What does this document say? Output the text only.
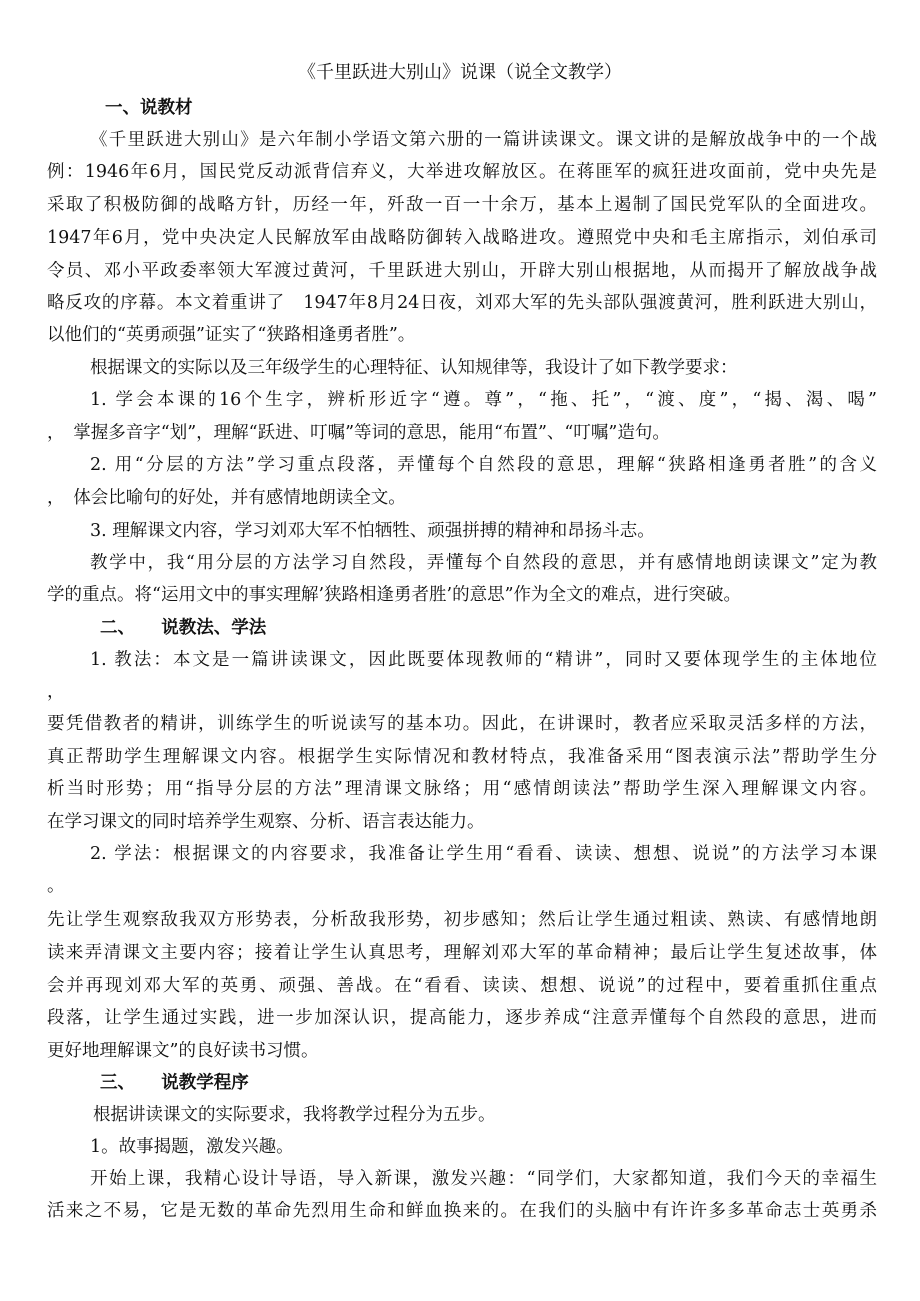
《千里跃进大别山》说课（说全文教学）
一、说教材
《千里跃进大别山》是六年制小学语文第六册的一篇讲读课文。课文讲的是解放战争中的一个战
例：1946年6月，国民党反动派背信弃义，大举进攻解放区。在蒋匪军的疯狂进攻面前，党中央先是
采取了积极防御的战略方针，历经一年，歼敌一百一十余万，基本上遏制了国民党军队的全面进攻。
1947年6月，党中央决定人民解放军由战略防御转入战略进攻。遵照党中央和毛主席指示，刘伯承司
令员、邓小平政委率领大军渡过黄河，千里跃进大别山，开辟大别山根据地，从而揭开了解放战争战
略反攻的序幕。本文着重讲了　1947年8月24日夜，刘邓大军的先头部队强渡黄河，胜利跃进大别山，
以他们的“英勇顽强”证实了“狭路相逢勇者胜”。
根据课文的实际以及三年级学生的心理特征、认知规律等，我设计了如下教学要求：
1. 学会本课的16个生字，辨析形近字“遵。尊”，“拖、托”，“渡、度”，“揭、渴、喝”
，　掌握多音字“划”，理解“跃进、叮嘱”等词的意思，能用“布置”、“叮嘱”造句。
2. 用“分层的方法”学习重点段落，弄懂每个自然段的意思，理解“狭路相逢勇者胜”的含义
，　体会比喻句的好处，并有感情地朗读全文。
3. 理解课文内容，学习刘邓大军不怕牺牲、顽强拼搏的精神和昂扬斗志。
教学中，我“用分层的方法学习自然段，弄懂每个自然段的意思，并有感情地朗读课文”定为教
学的重点。将“运用文中的事实理解’狭路相逢勇者胜’的意思”作为全文的难点，进行突破。
二、　　说教法、学法
1. 教法：本文是一篇讲读课文，因此既要体现教师的“精讲”，同时又要体现学生的主体地位
，
要凭借教者的精讲，训练学生的听说读写的基本功。因此，在讲课时，教者应采取灵活多样的方法，
真正帮助学生理解课文内容。根据学生实际情况和教材特点，我准备采用“图表演示法”帮助学生分
析当时形势；用“指导分层的方法”理清课文脉络；用“感情朗读法”帮助学生深入理解课文内容。
在学习课文的同时培养学生观察、分析、语言表达能力。
2. 学法：根据课文的内容要求，我准备让学生用“看看、读读、想想、说说”的方法学习本课
。
先让学生观察敌我双方形势表，分析敌我形势，初步感知；然后让学生通过粗读、熟读、有感情地朗
读来弄清课文主要内容；接着让学生认真思考，理解刘邓大军的革命精神；最后让学生复述故事，体
会并再现刘邓大军的英勇、顽强、善战。在“看看、读读、想想、说说”的过程中，要着重抓住重点
段落，让学生通过实践，进一步加深认识，提高能力，逐步养成“注意弄懂每个自然段的意思，进而
更好地理解课文”的良好读书习惯。
三、　　说教学程序
根据讲读课文的实际要求，我将教学过程分为五步。
1。故事揭题，激发兴趣。
开始上课，我精心设计导语，导入新课，激发兴趣：“同学们，大家都知道，我们今天的幸福生
活来之不易，它是无数的革命先烈用生命和鲜血换来的。在我们的头脑中有许许多多革命志士英勇杀
